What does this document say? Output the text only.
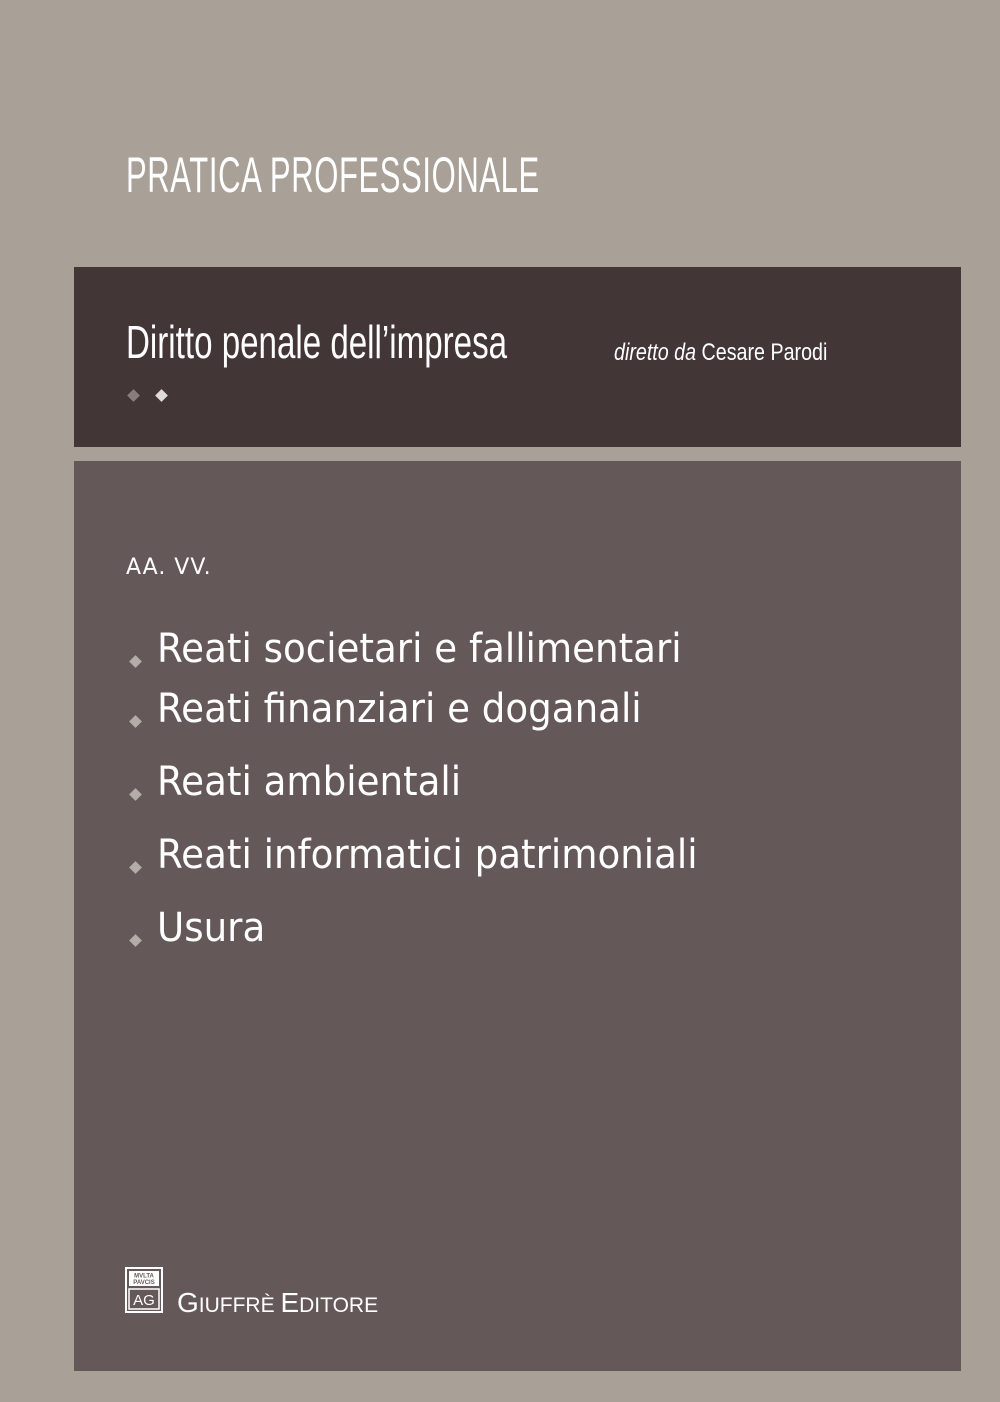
PRATICA PROFESSIONALE
Diritto penale dell’impresa	diretto da Cesare Parodi
AA. VV.
Reati societari e fallimentari
Reati finanziari e doganali
Reati ambientali
Reati informatici patrimoniali
Usura
MVLTA
PAVCIS
AG GIUFFRÈ EDITORE
